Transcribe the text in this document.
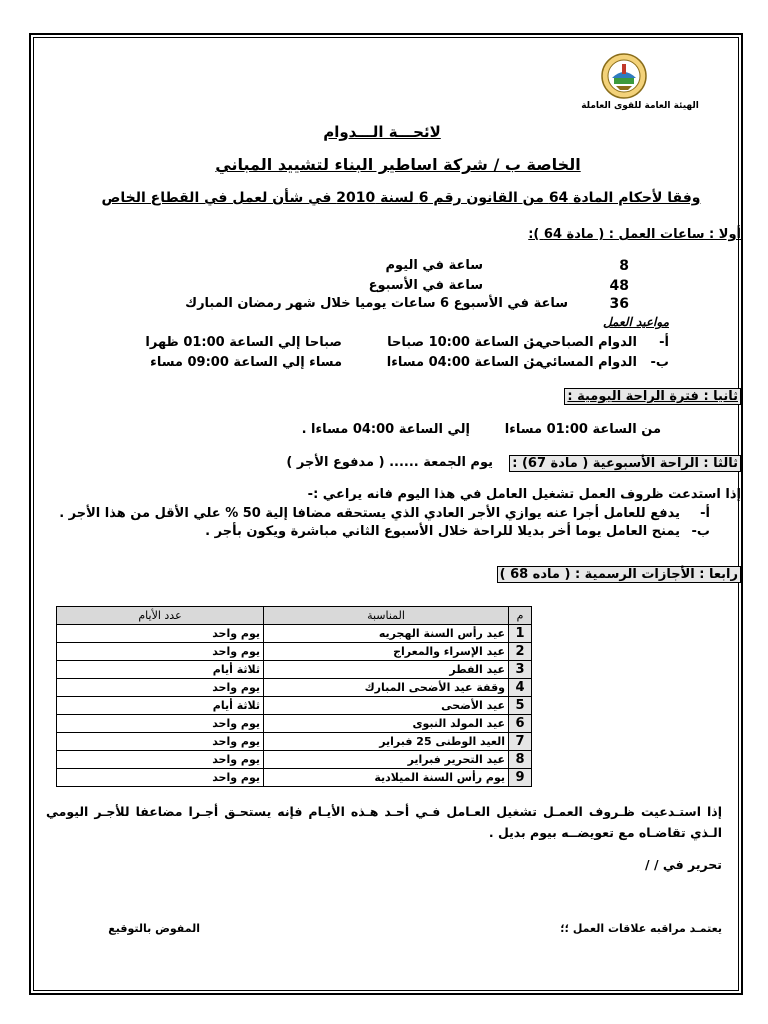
الهيئة العامة للقوى العاملة
لائحـــة الـــدوام
الخاصة ب / شركة اساطير البناء لتشييد المباني
وفقا لأحكام المادة 64 من القانون رقم 6 لسنة 2010 في شأن لعمل في القطاع الخاص
أولا : ساعات العمل : ( مادة 64 ):
8
ساعة في اليوم
48
ساعة في الأسبوع
36
ساعة في الأسبوع 6 ساعات يوميا خلال شهر رمضان المبارك
مواعيد العمل
أ-
الدوام الصباحي :
من الساعة 10:00 صباحا
صباحا إلي الساعة 01:00 ظهرا
ب-
الدوام المسائي :
من الساعة 04:00 مساءا
مساء إلي الساعة 09:00 مساء
ثانيا : فترة الراحة اليومية :
من الساعة 01:00 مساءا
إلي الساعة 04:00 مساءا .
ثالثا : الراحة الأسبوعية ( مادة 67) :
يوم الجمعة ...... ( مدفوع الأجر )
إذا استدعت ظروف العمل تشغيل العامل في هذا اليوم فانه يراعي :-
أ-
يدفع للعامل أجرا عنه يوازي الأجر العادي الذي يستحقه مضافا إلية 50 % علي الأقل من هذا الأجر .
ب-
يمنح العامل يوما أخر بديلا للراحة خلال الأسبوع الثاني مباشرة ويكون بأجر .
رابعا : الأجازات الرسمية : ( ماده 68 )
م	المناسبة	عدد الأيام
1	عيد رأس السنة الهجريه	يوم واحد
2	عيد الإسراء والمعراج	يوم واحد
3	عيد الفطر	ثلاثة أيام
4	وقفة عيد الأضحى المبارك	يوم واحد
5	عيد الأضحى	ثلاثة أيام
6	عيد المولد النبوى	يوم واحد
7	العيد الوطنى 25 فبراير	يوم واحد
8	عيد التحرير فبراير	يوم واحد
9	يوم رأس السنة الميلادية	يوم واحد
إذا استـدعيت ظـروف العمـل تشغيل العـامل فـي أحـد هـذه الأيـام فإنه يستحـق أجـرا مضاعفا للأجـر اليومي الـذي تقاضـاه مع تعويضــه بيوم بديل .
تحرير في / /
يعتمـد مراقبه علاقات العمل ؛؛
المفوض بالتوقيع
